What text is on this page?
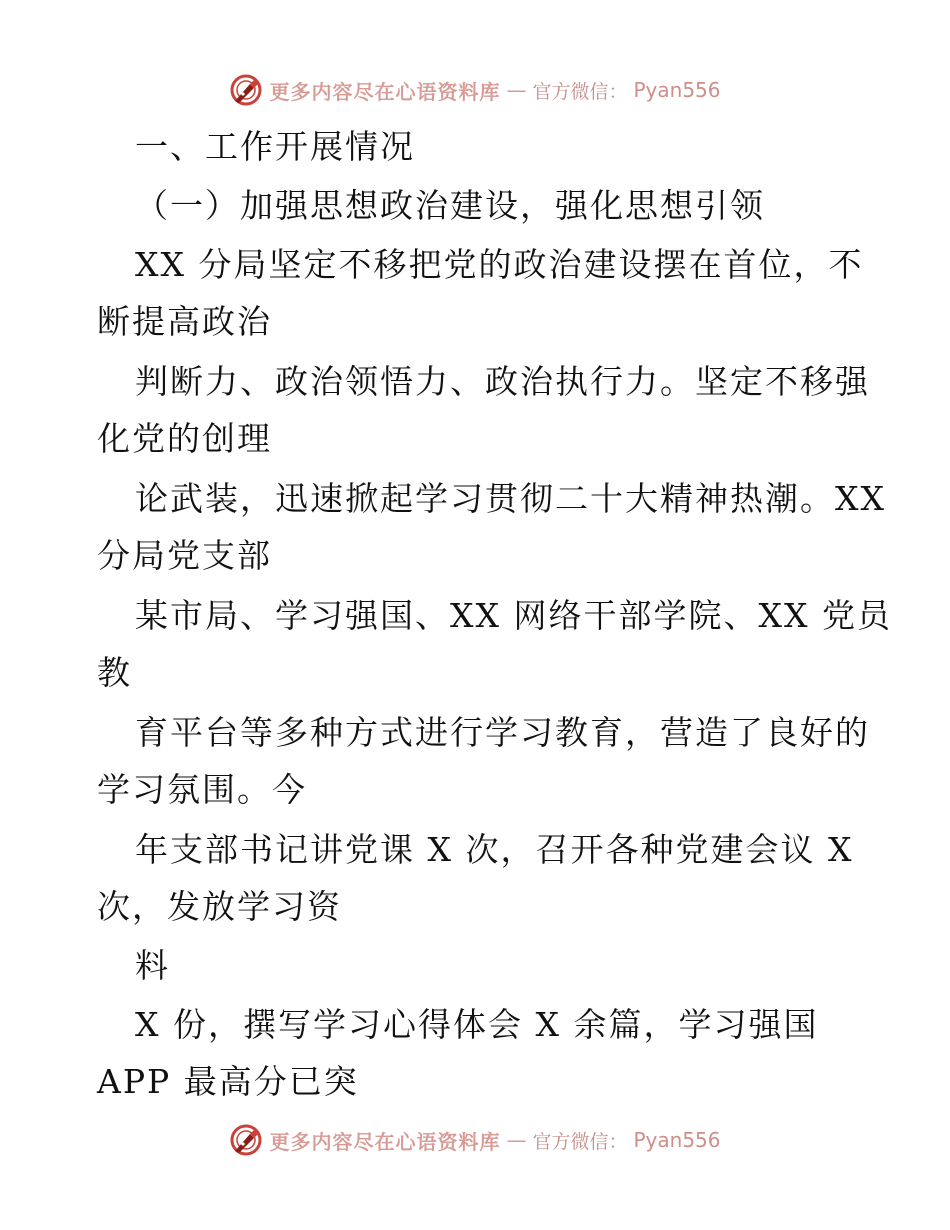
更多内容尽在心语资料库 — 官方微信： Pyan556
一、工作开展情况
（一）加强思想政治建设，强化思想引领
XX 分局坚定不移把党的政治建设摆在首位，不
断提高政治
判断力、政治领悟力、政治执行力。坚定不移强
化党的创理
论武装，迅速掀起学习贯彻二十大精神热潮。XX
分局党支部
某市局、学习强国、XX 网络干部学院、XX 党员
教
育平台等多种方式进行学习教育，营造了良好的
学习氛围。今
年支部书记讲党课 X 次，召开各种党建会议 X
次，发放学习资
料
X 份，撰写学习心得体会 X 余篇，学习强国
APP 最高分已突
更多内容尽在心语资料库 — 官方微信： Pyan556
